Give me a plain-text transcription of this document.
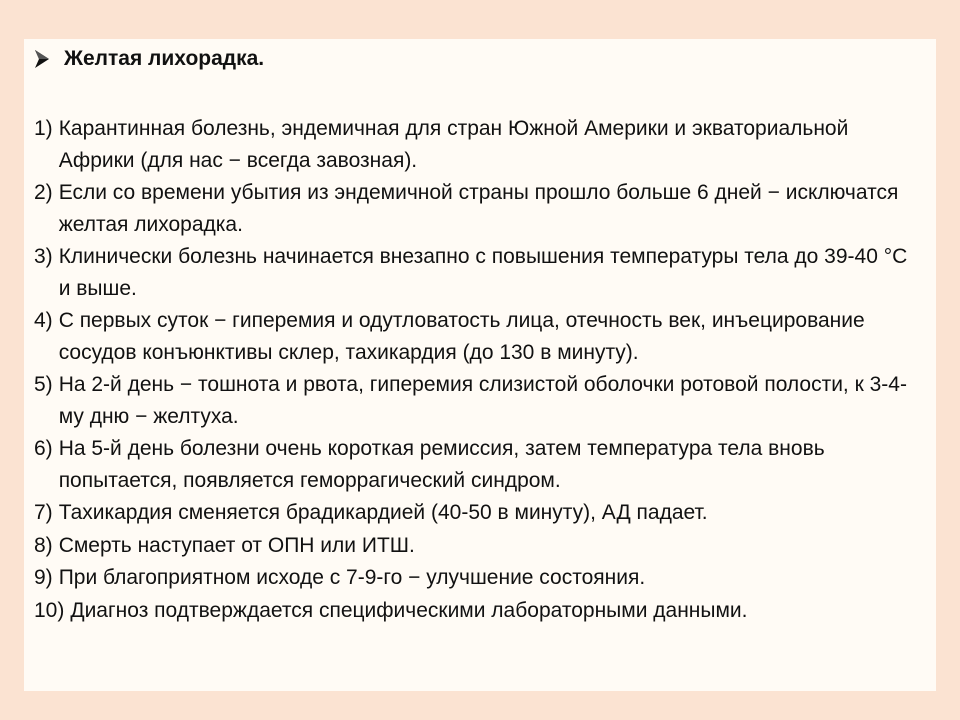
Желтая лихорадка.
1) Карантинная болезнь, эндемичная для стран Южной Америки и экваториальной Африки (для нас − всегда завозная).
2) Если со времени убытия из эндемичной страны прошло больше 6 дней − исключатся желтая лихорадка.
3) Клинически болезнь начинается внезапно с повышения температуры тела до 39-40 °С и выше.
4) С первых суток − гиперемия и одутловатость лица, отечность век, инъецирование сосудов конъюнктивы склер, тахикардия (до 130 в минуту).
5) На 2-й день − тошнота и рвота, гиперемия слизистой оболочки ротовой полости, к 3-4-му дню − желтуха.
6) На 5-й день болезни очень короткая ремиссия, затем температура тела вновь попытается, появляется геморрагический синдром.
7) Тахикардия сменяется брадикардией (40-50 в минуту), АД падает.
8) Смерть наступает от ОПН или ИТШ.
9) При благоприятном исходе с 7-9-го − улучшение состояния.
10) Диагноз подтверждается специфическими лабораторными данными.
